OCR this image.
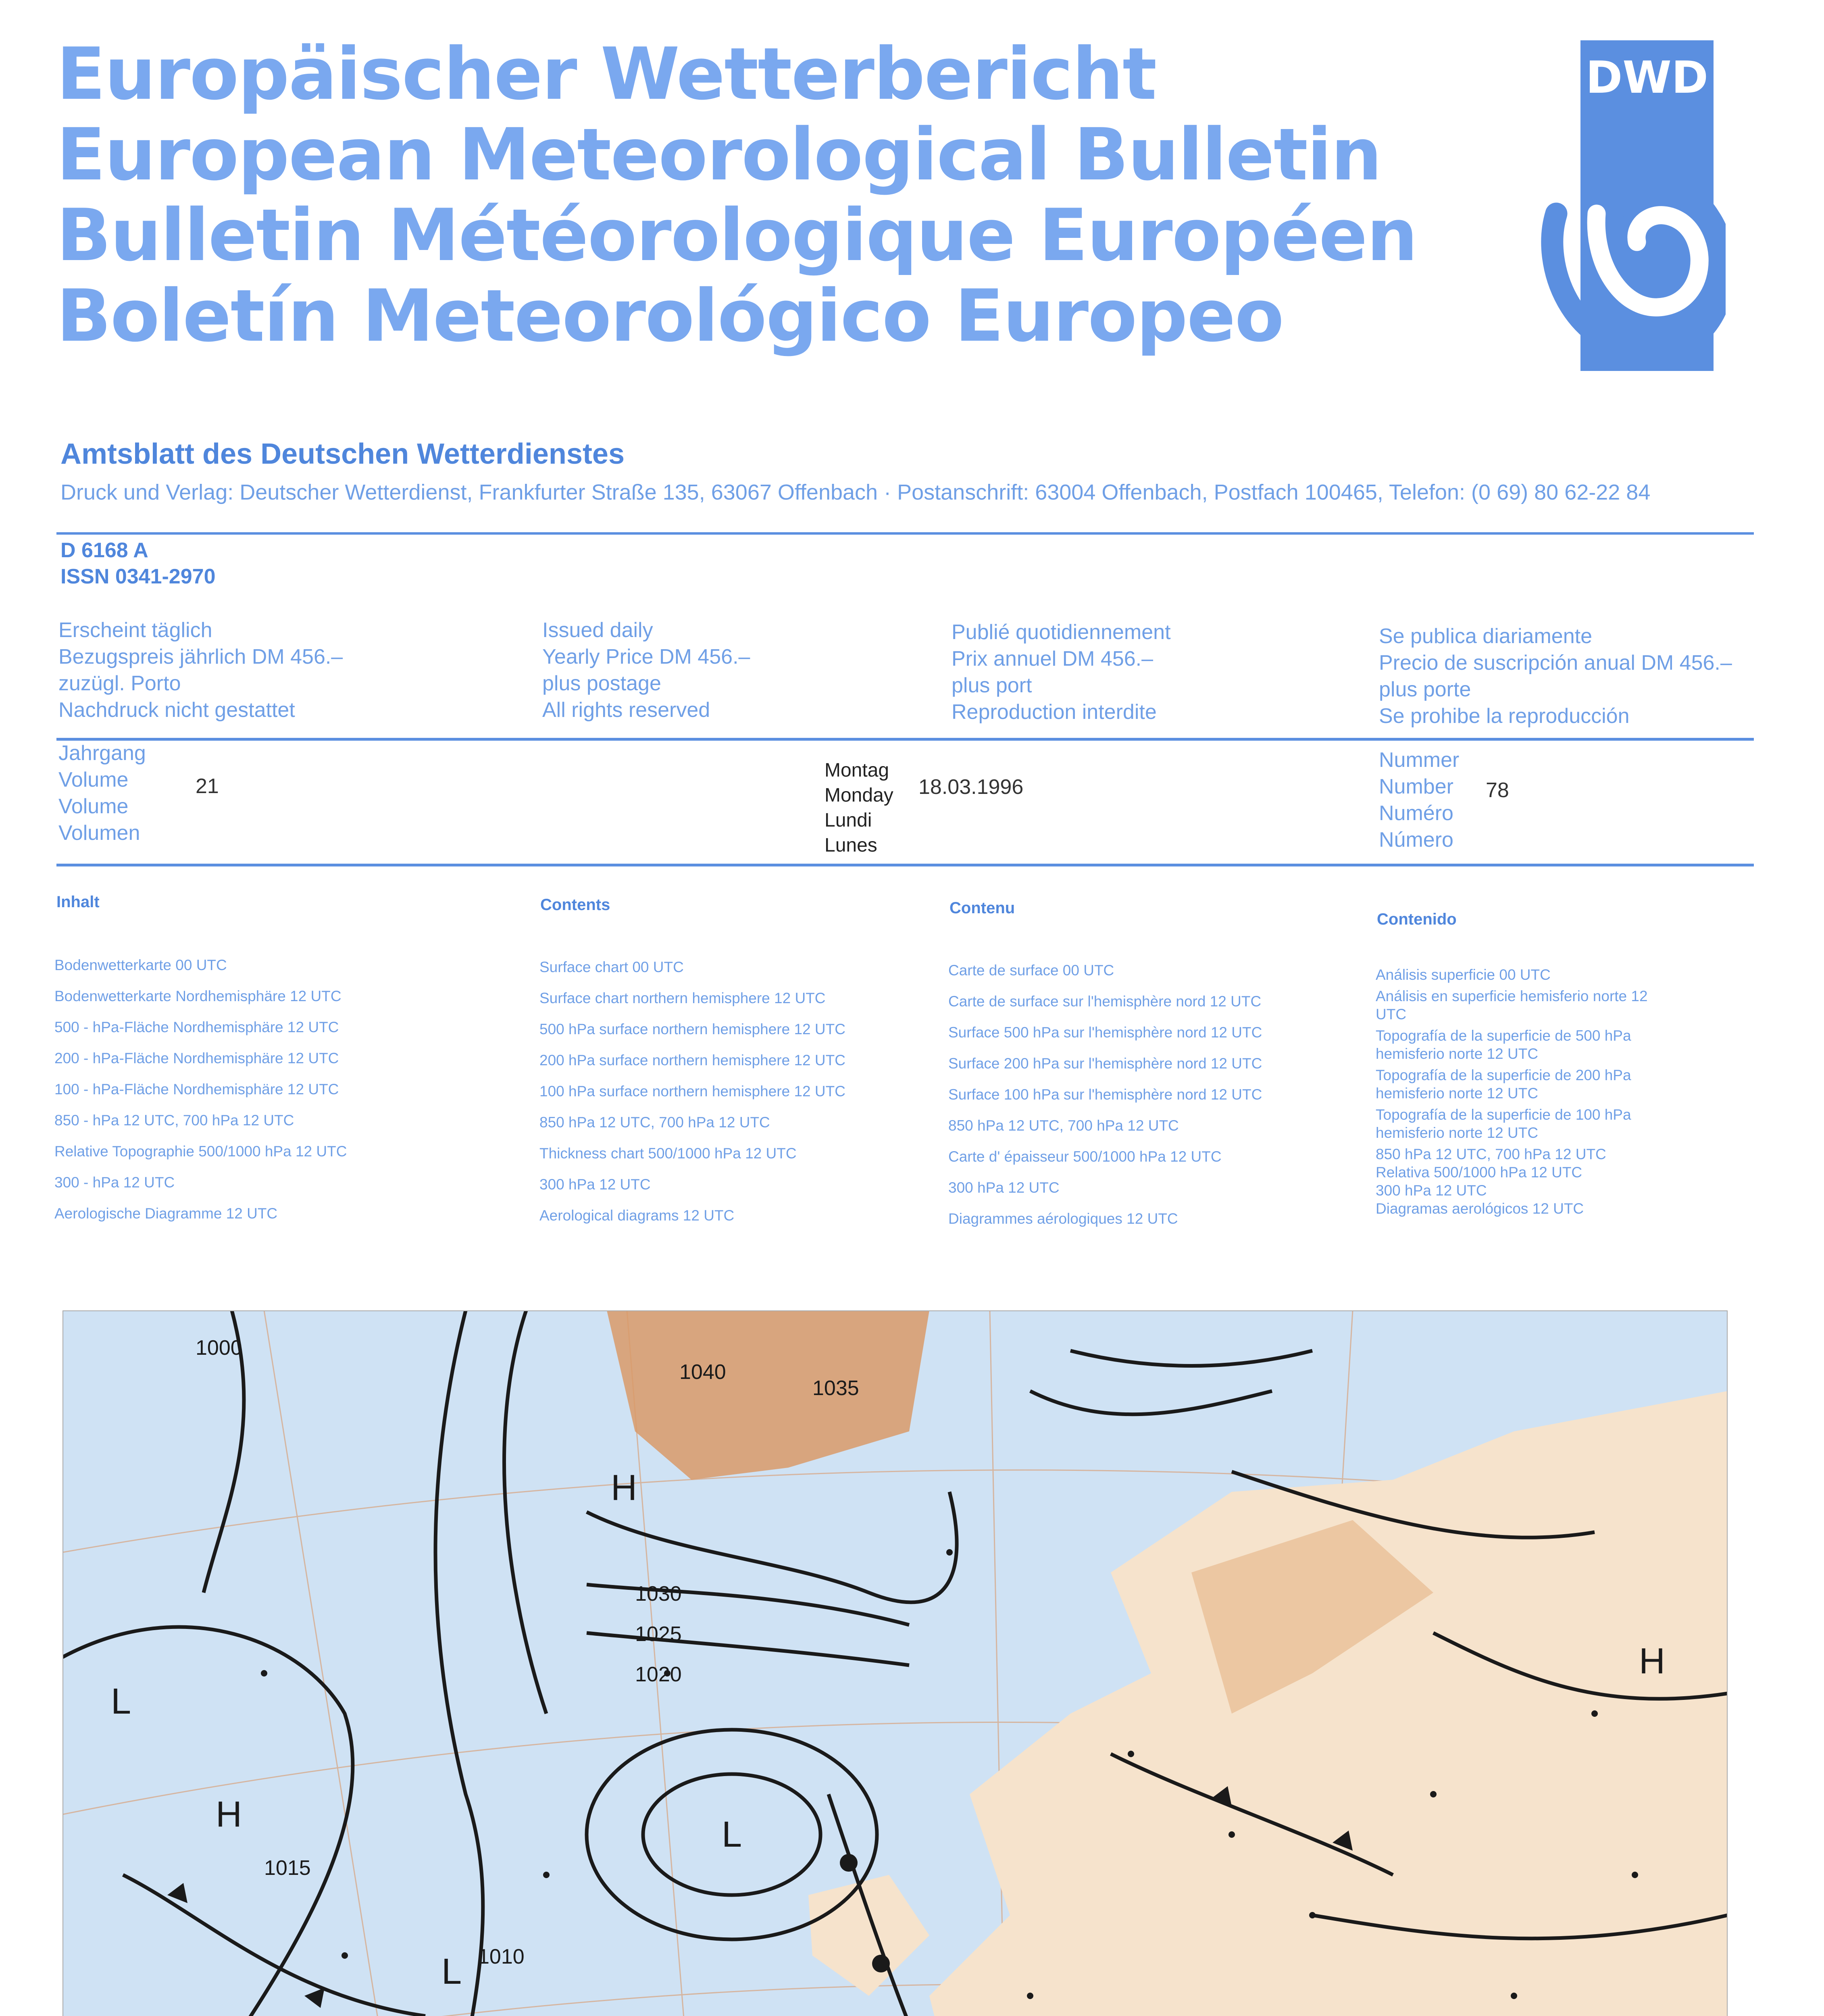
Europäischer Wetterbericht
European Meteorological Bulletin
Bulletin Météorologique Européen
Boletín Meteorológico Europeo
DWD
Amtsblatt des Deutschen Wetterdienstes
Druck und Verlag: Deutscher Wetterdienst, Frankfurter Straße 135, 63067 Offenbach · Postanschrift: 63004 Offenbach, Postfach 100465, Telefon: (0 69) 80 62-22 84
D 6168 A
ISSN 0341-2970
Erscheint täglich
Bezugspreis jährlich DM 456.–
zuzügl. Porto
Nachdruck nicht gestattet
Issued daily
Yearly Price DM 456.–
plus postage
All rights reserved
Publié quotidiennement
Prix annuel DM 456.–
plus port
Reproduction interdite
Se publica diariamente
Precio de suscripción anual DM 456.–
plus porte
Se prohibe la reproducción
Jahrgang
Volume
Volume
Volumen
21
Montag
Monday
Lundi
Lunes
18.03.1996
Nummer
Number
Numéro
Número
78
Inhalt
Bodenwetterkarte 00 UTC
Bodenwetterkarte Nordhemisphäre 12 UTC
500 - hPa-Fläche Nordhemisphäre 12 UTC
200 - hPa-Fläche Nordhemisphäre 12 UTC
100 - hPa-Fläche Nordhemisphäre 12 UTC
850 - hPa 12 UTC, 700 hPa 12 UTC
Relative Topographie 500/1000 hPa 12 UTC
300 - hPa 12 UTC
Aerologische Diagramme 12 UTC
Contents
Surface chart 00 UTC
Surface chart northern hemisphere 12 UTC
500 hPa surface northern hemisphere 12 UTC
200 hPa surface northern hemisphere 12 UTC
100 hPa surface northern hemisphere 12 UTC
850 hPa 12 UTC, 700 hPa 12 UTC
Thickness chart 500/1000 hPa 12 UTC
300 hPa 12 UTC
Aerological diagrams 12 UTC
Contenu
Carte de surface 00 UTC
Carte de surface sur l'hemisphère nord 12 UTC
Surface 500 hPa sur l'hemisphère nord 12 UTC
Surface 200 hPa sur l'hemisphère nord 12 UTC
Surface 100 hPa sur l'hemisphère nord 12 UTC
850 hPa 12 UTC, 700 hPa 12 UTC
Carte d' épaisseur 500/1000 hPa 12 UTC
300 hPa 12 UTC
Diagrammes aérologiques 12 UTC
Contenido
Análisis superficie 00 UTC
Análisis en superficie hemisferio norte 12 UTC
Topografía de la superficie de 500 hPa hemisferio norte 12 UTC
Topografía de la superficie de 200 hPa hemisferio norte 12 UTC
Topografía de la superficie de 100 hPa hemisferio norte 12 UTC
850 hPa 12 UTC, 700 hPa 12 UTC
Relativa 500/1000 hPa 12 UTC
300 hPa 12 UTC
Diagramas aerológicos 12 UTC
1000
1010
1015
1020
1025
1030
1035
1040
H
H
H
L
L
L
